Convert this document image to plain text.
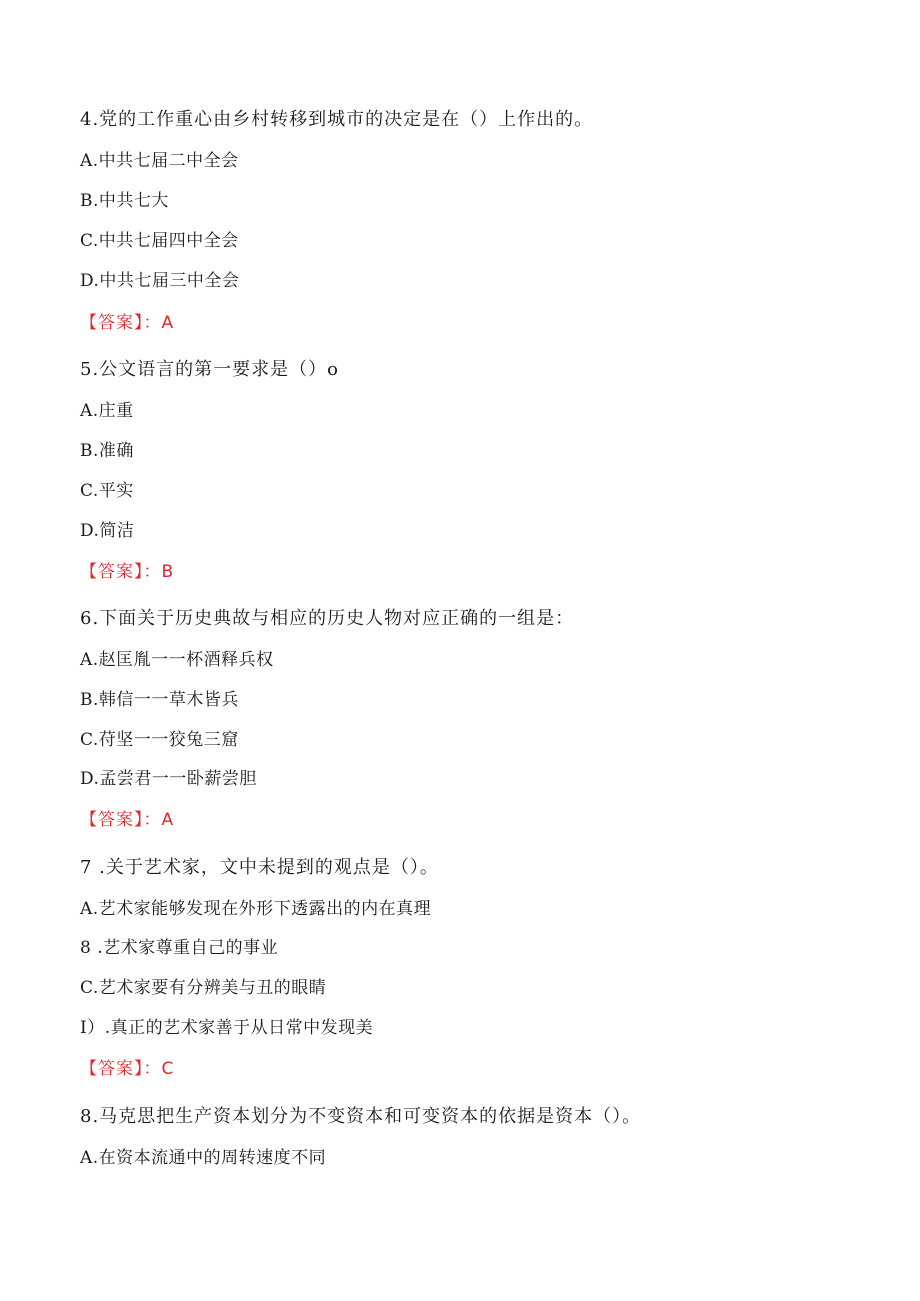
4.党的工作重心由乡村转移到城市的决定是在（）上作出的。
A.中共七届二中全会
B.中共七大
C.中共七届四中全会
D.中共七届三中全会
【答案】：A
5.公文语言的第一要求是（）o
A.庄重
B.准确
C.平实
D.简洁
【答案】：B
6.下面关于历史典故与相应的历史人物对应正确的一组是：
A.赵匡胤一一杯酒释兵权
B.韩信一一草木皆兵
C.苻坚一一狡兔三窟
D.孟尝君一一卧薪尝胆
【答案】：A
7 .关于艺术家，文中未提到的观点是（）。
A.艺术家能够发现在外形下透露出的内在真理
8 .艺术家尊重自己的事业
C.艺术家要有分辨美与丑的眼睛
I）.真正的艺术家善于从日常中发现美
【答案】：C
8.马克思把生产资本划分为不变资本和可变资本的依据是资本（）。
A.在资本流通中的周转速度不同
